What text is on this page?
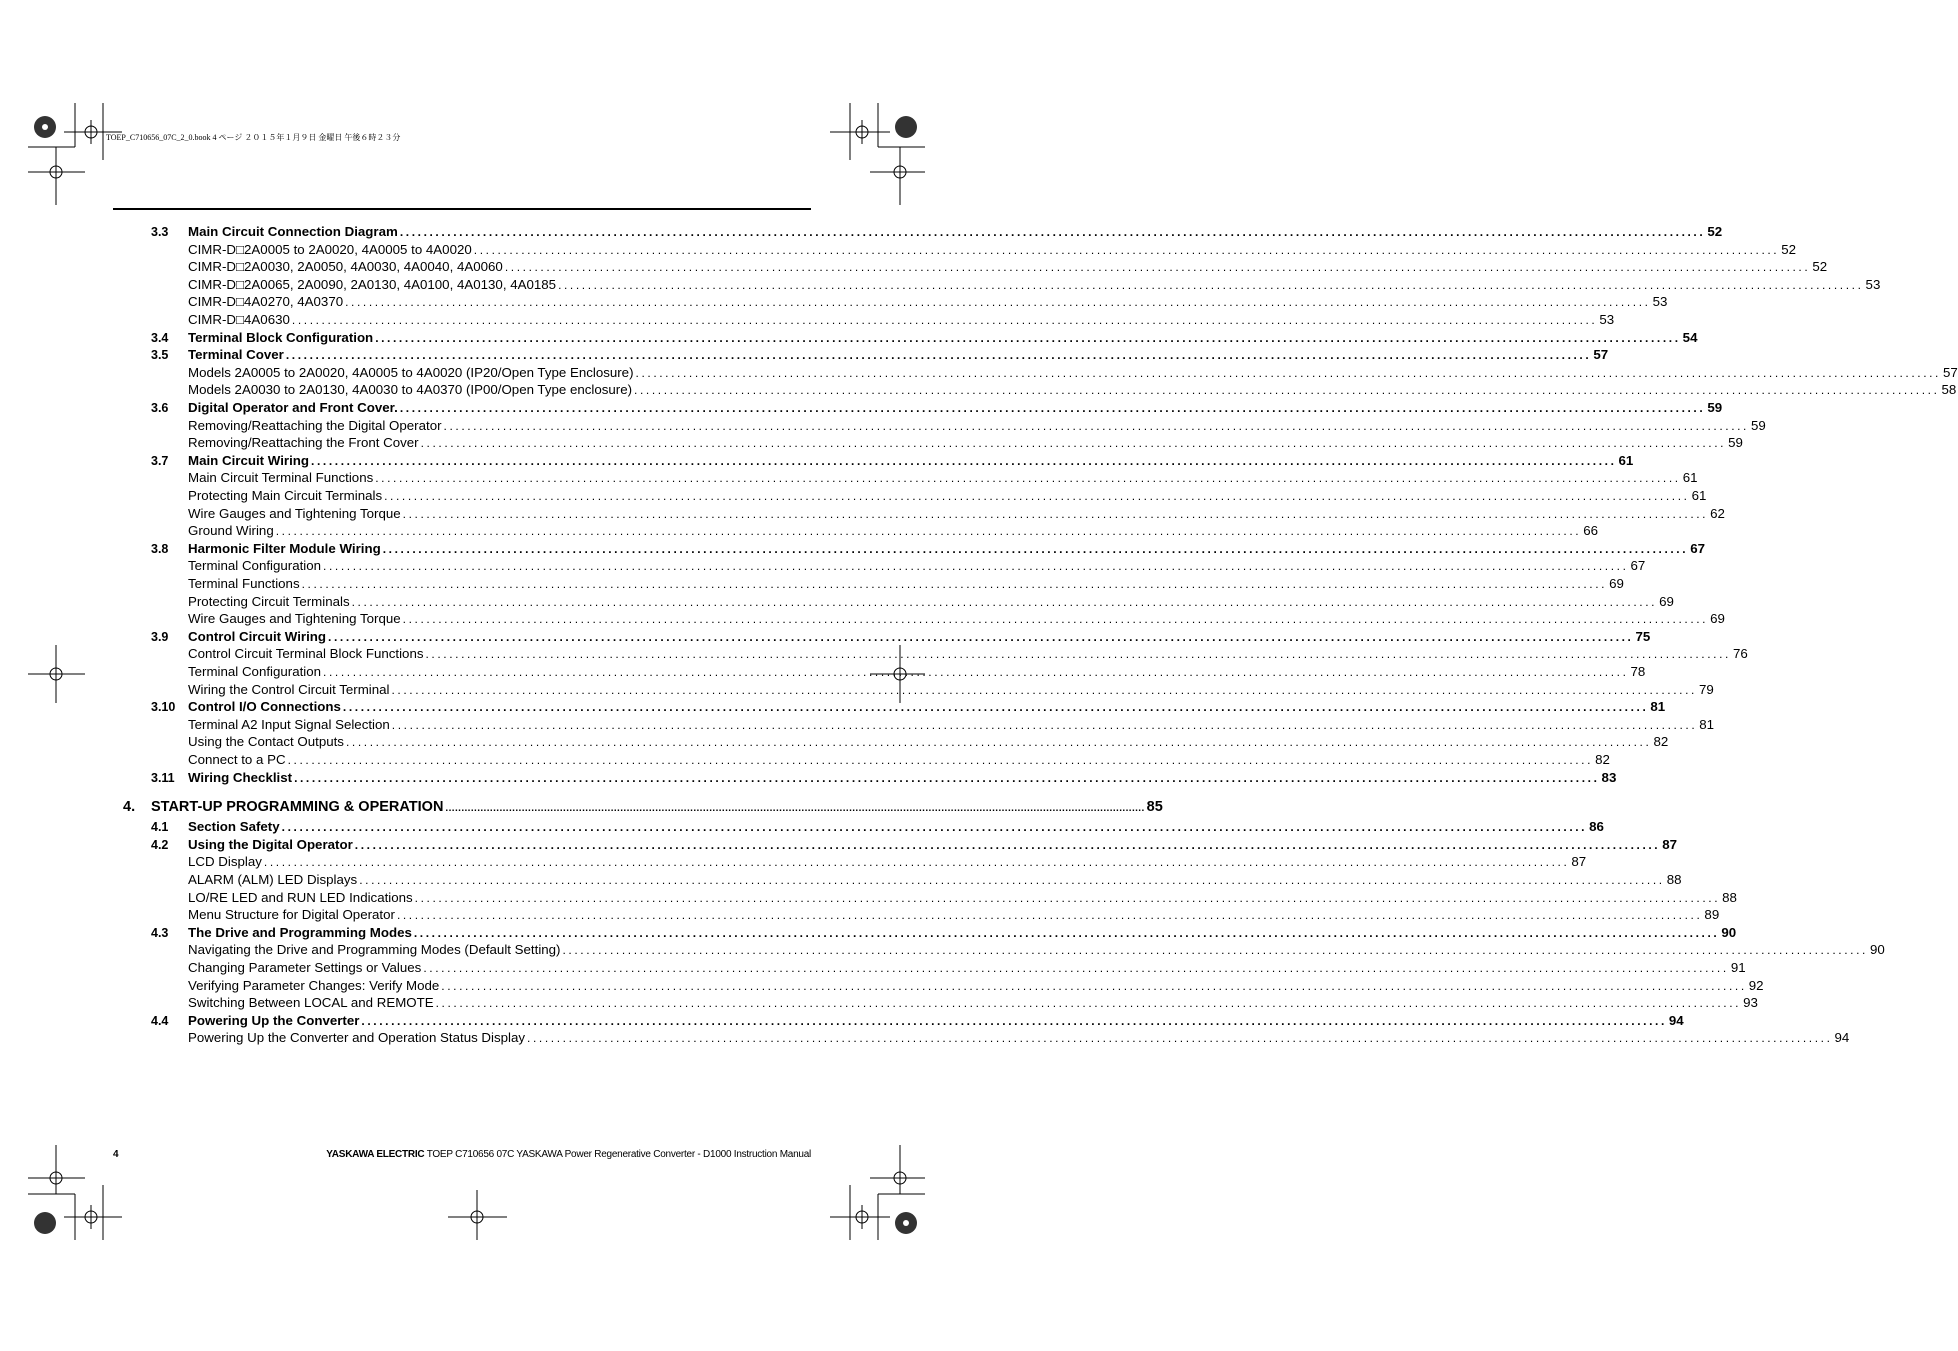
TOEP_C710656_07C_2_0.book 4 ページ ２０１５年１月９日 金曜日 午後６時２３分
3.3 Main Circuit Connection Diagram ............................................................................................................................................................................................................................ 52
CIMR-D□2A0005 to 2A0020, 4A0005 to 4A0020 ............................................................................................................................................................................................................................ 52
CIMR-D□2A0030, 2A0050, 4A0030, 4A0040, 4A0060 ............................................................................................................................................................................................................................ 52
CIMR-D□2A0065, 2A0090, 2A0130, 4A0100, 4A0130, 4A0185 ............................................................................................................................................................................................................................ 53
CIMR-D□4A0270, 4A0370 ............................................................................................................................................................................................................................ 53
CIMR-D□4A0630 ............................................................................................................................................................................................................................ 53
3.4 Terminal Block Configuration ............................................................................................................................................................................................................................ 54
3.5 Terminal Cover ............................................................................................................................................................................................................................ 57
Models 2A0005 to 2A0020, 4A0005 to 4A0020 (IP20/Open Type Enclosure) ............................................................................................................................................................................................................................ 57
Models 2A0030 to 2A0130, 4A0030 to 4A0370 (IP00/Open Type enclosure) ............................................................................................................................................................................................................................ 58
3.6 Digital Operator and Front Cover. ............................................................................................................................................................................................................................ 59
Removing/Reattaching the Digital Operator ............................................................................................................................................................................................................................ 59
Removing/Reattaching the Front Cover ............................................................................................................................................................................................................................ 59
3.7 Main Circuit Wiring ............................................................................................................................................................................................................................ 61
Main Circuit Terminal Functions ............................................................................................................................................................................................................................ 61
Protecting Main Circuit Terminals ............................................................................................................................................................................................................................ 61
Wire Gauges and Tightening Torque ............................................................................................................................................................................................................................ 62
Ground Wiring ............................................................................................................................................................................................................................ 66
3.8 Harmonic Filter Module Wiring ............................................................................................................................................................................................................................ 67
Terminal Configuration ............................................................................................................................................................................................................................ 67
Terminal Functions ............................................................................................................................................................................................................................ 69
Protecting Circuit Terminals ............................................................................................................................................................................................................................ 69
Wire Gauges and Tightening Torque ............................................................................................................................................................................................................................ 69
3.9 Control Circuit Wiring ............................................................................................................................................................................................................................ 75
Control Circuit Terminal Block Functions ............................................................................................................................................................................................................................ 76
Terminal Configuration ............................................................................................................................................................................................................................ 78
Wiring the Control Circuit Terminal ............................................................................................................................................................................................................................ 79
3.10 Control I/O Connections ............................................................................................................................................................................................................................ 81
Terminal A2 Input Signal Selection ............................................................................................................................................................................................................................ 81
Using the Contact Outputs ............................................................................................................................................................................................................................ 82
Connect to a PC ............................................................................................................................................................................................................................ 82
3.11 Wiring Checklist ............................................................................................................................................................................................................................ 83
4. START-UP PROGRAMMING & OPERATION ............................................................................................................................................................................................................................ 85
4.1 Section Safety ............................................................................................................................................................................................................................ 86
4.2 Using the Digital Operator ............................................................................................................................................................................................................................ 87
LCD Display ............................................................................................................................................................................................................................ 87
ALARM (ALM) LED Displays ............................................................................................................................................................................................................................ 88
LO/RE LED and RUN LED Indications ............................................................................................................................................................................................................................ 88
Menu Structure for Digital Operator ............................................................................................................................................................................................................................ 89
4.3 The Drive and Programming Modes ............................................................................................................................................................................................................................ 90
Navigating the Drive and Programming Modes (Default Setting) ............................................................................................................................................................................................................................ 90
Changing Parameter Settings or Values ............................................................................................................................................................................................................................ 91
Verifying Parameter Changes: Verify Mode ............................................................................................................................................................................................................................ 92
Switching Between LOCAL and REMOTE ............................................................................................................................................................................................................................ 93
4.4 Powering Up the Converter ............................................................................................................................................................................................................................ 94
Powering Up the Converter and Operation Status Display ............................................................................................................................................................................................................................ 94
4	YASKAWA ELECTRIC TOEP C710656 07C YASKAWA Power Regenerative Converter - D1000 Instruction Manual
